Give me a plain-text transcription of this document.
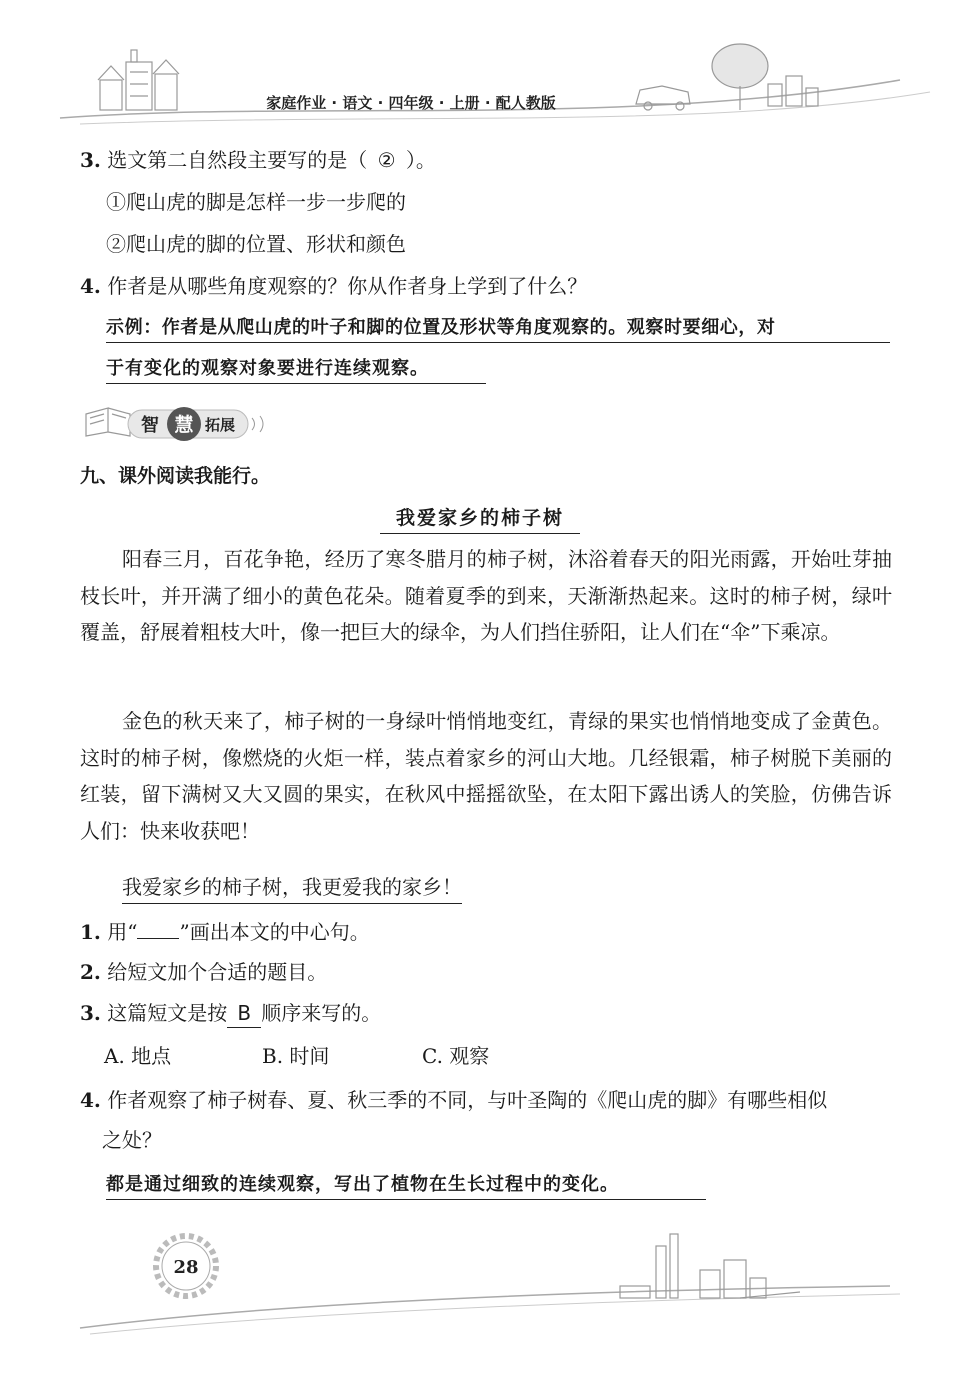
家庭作业 · 语文 · 四年级 · 上册 · 配人教版
3. 选文第二自然段主要写的是（ ② ）。
①爬山虎的脚是怎样一步一步爬的
②爬山虎的脚的位置、形状和颜色
4. 作者是从哪些角度观察的？你从作者身上学到了什么？
示例：作者是从爬山虎的叶子和脚的位置及形状等角度观察的。观察时要细心，对
于有变化的观察对象要进行连续观察。
智 慧 拓展
九、课外阅读我能行。
我爱家乡的柿子树
阳春三月，百花争艳，经历了寒冬腊月的柿子树，沐浴着春天的阳光雨露，开始吐芽抽枝长叶，并开满了细小的黄色花朵。随着夏季的到来，天渐渐热起来。这时的柿子树，绿叶覆盖，舒展着粗枝大叶，像一把巨大的绿伞，为人们挡住骄阳，让人们在“伞”下乘凉。
金色的秋天来了，柿子树的一身绿叶悄悄地变红，青绿的果实也悄悄地变成了金黄色。这时的柿子树，像燃烧的火炬一样，装点着家乡的河山大地。几经银霜，柿子树脱下美丽的红装，留下满树又大又圆的果实，在秋风中摇摇欲坠，在太阳下露出诱人的笑脸，仿佛告诉人们：快来收获吧！
我爱家乡的柿子树，我更爱我的家乡！
1. 用“ ”画出本文的中心句。
2. 给短文加个合适的题目。
3. 这篇短文是按 B 顺序来写的。
A. 地点	B. 时间	C. 观察
4. 作者观察了柿子树春、夏、秋三季的不同，与叶圣陶的《爬山虎的脚》有哪些相似
之处？
都是通过细致的连续观察，写出了植物在生长过程中的变化。
28
